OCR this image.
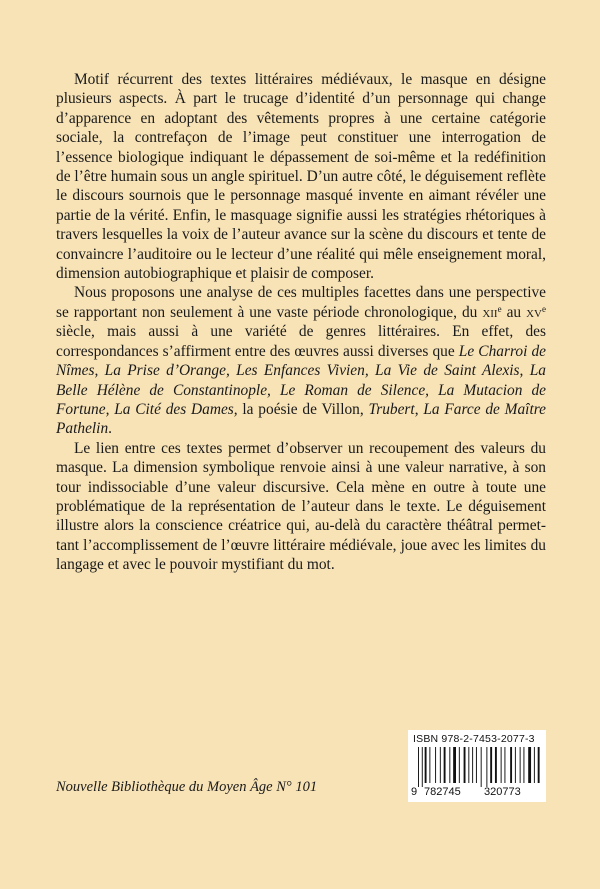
Motif récurrent des textes littéraires médiévaux, le masque en désigne plusieurs aspects. À part le trucage d’identité d’un personnage qui change d’apparence en adoptant des vêtements propres à une certaine catégorie sociale, la contrefaçon de l’image peut constituer une interrogation de l’essence biologique indiquant le dépassement de soi-même et la redéfinition de l’être humain sous un angle spirituel. D’un autre côté, le déguisement reflète le discours sournois que le personnage masqué invente en aimant révéler une partie de la vérité. Enfin, le masquage signifie aussi les stratégies rhétoriques à travers lesquelles la voix de l’auteur avance sur la scène du discours et tente de convaincre l’auditoire ou le lecteur d’une réalité qui mêle enseignement moral, dimension autobiographique et plaisir de composer.

Nous proposons une analyse de ces multiples facettes dans une perspective se rapportant non seulement à une vaste période chronologique, du xii$^e$ au $xv^e$ siècle, mais aussi à une variété de genres littéraires. En effet, des correspondances s’affirment entre des œuvres aussi diverses que Le Charroi de Nîmes, La Prise d’Orange, Les Enfances Vivien, La Vie de Saint Alexis, La Belle Hélène de Constantinople, Le Roman de Silence, La Mutacion de Fortune, La Cité des Dames, la poésie de Villon, Trubert, La Farce de Maître Pathelin.

Le lien entre ces textes permet d’observer un recoupement des valeurs du masque. La dimension symbolique renvoie ainsi à une valeur narrative, à son tour indissociable d’une valeur discursive. Cela mène en outre à toute une problématique de la représentation de l’auteur dans le texte. Le déguisement illustre alors la conscience créatrice qui, au-delà du caractère théâtral permettant l’accomplissement de l’œuvre littéraire médiévale, joue avec les limites du langage et avec le pouvoir mystifiant du mot.

Nouvelle Bibliothèque du Moyen Âge N° 101
ISBN 978-2-7453-2077-3
9 782745 320773
